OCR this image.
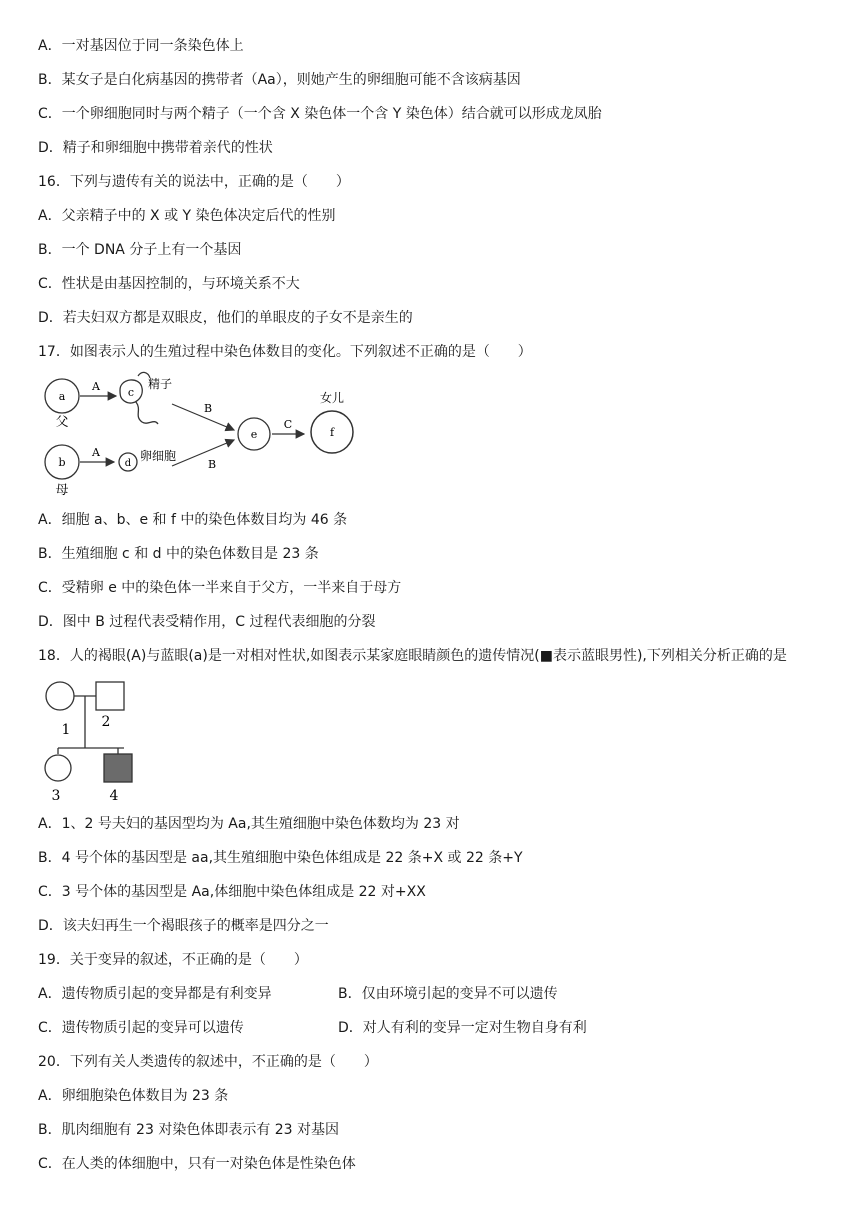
A．一对基因位于同一条染色体上
B．某女子是白化病基因的携带者（Aa），则她产生的卵细胞可能不含该病基因
C．一个卵细胞同时与两个精子（一个含 X 染色体一个含 Y 染色体）结合就可以形成龙凤胎
D．精子和卵细胞中携带着亲代的性状
16．下列与遗传有关的说法中，正确的是（　　）
A．父亲精子中的 X 或 Y 染色体决定后代的性别
B．一个 DNA 分子上有一个基因
C．性状是由基因控制的，与环境关系不大
D．若夫妇双方都是双眼皮，他们的单眼皮的子女不是亲生的
17．如图表示人的生殖过程中染色体数目的变化。下列叙述不正确的是（　　）
a
父
A	c
精子
b
母
A
d
卵细胞
B
B
e
C
f
女儿
A．细胞 a、b、e 和 f 中的染色体数目均为 46 条
B．生殖细胞 c 和 d 中的染色体数目是 23 条
C．受精卵 e 中的染色体一半来自于父方，一半来自于母方
D．图中 B 过程代表受精作用，C 过程代表细胞的分裂
18．人的褐眼(A)与蓝眼(a)是一对相对性状,如图表示某家庭眼睛颜色的遗传情况(■表示蓝眼男性),下列相关分析正确的是
1 2
3	4
A．1、2 号夫妇的基因型均为 Aa,其生殖细胞中染色体数均为 23 对
B．4 号个体的基因型是 aa,其生殖细胞中染色体组成是 22 条+X 或 22 条+Y
C．3 号个体的基因型是 Aa,体细胞中染色体组成是 22 对+XX
D．该夫妇再生一个褐眼孩子的概率是四分之一
19．关于变异的叙述，不正确的是（　　）
A．遗传物质引起的变异都是有利变异	B．仅由环境引起的变异不可以遗传
C．遗传物质引起的变异可以遗传	D．对人有利的变异一定对生物自身有利
20．下列有关人类遗传的叙述中，不正确的是（　　）
A．卵细胞染色体数目为 23 条
B．肌肉细胞有 23 对染色体即表示有 23 对基因
C．在人类的体细胞中，只有一对染色体是性染色体
